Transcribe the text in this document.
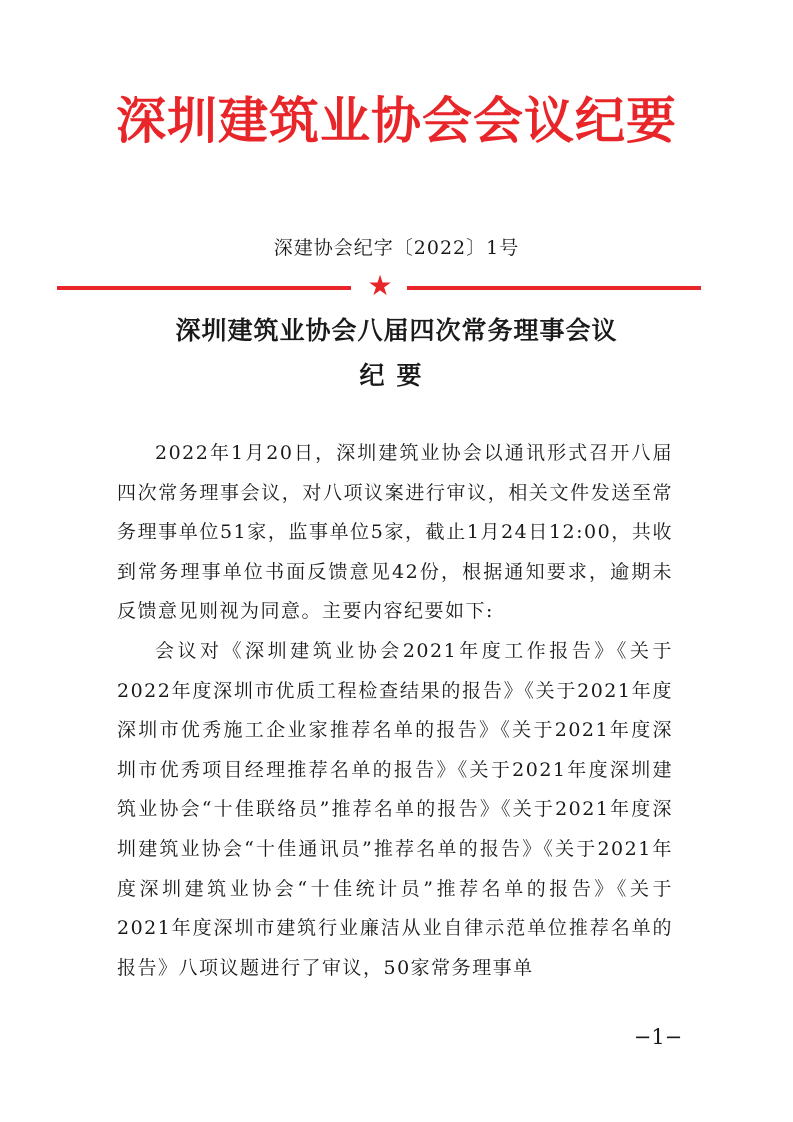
深圳建筑业协会会议纪要
深建协会纪字〔2022〕1号
★
深圳建筑业协会八届四次常务理事会议
纪要

2022年1月20日，深圳建筑业协会以通讯形式召开八届四次常务理事会议，对八项议案进行审议，相关文件发送至常务理事单位51家，监事单位5家，截止1月24日12:00，共收到常务理事单位书面反馈意见42份，根据通知要求，逾期未反馈意见则视为同意。主要内容纪要如下:

会议对《深圳建筑业协会2021年度工作报告》《关于2022年度深圳市优质工程检查结果的报告》《关于2021年度深圳市优秀施工企业家推荐名单的报告》《关于2021年度深圳市优秀项目经理推荐名单的报告》《关于2021年度深圳建筑业协会“十佳联络员”推荐名单的报告》《关于2021年度深圳建筑业协会“十佳通讯员”推荐名单的报告》《关于2021年度深圳建筑业协会“十佳统计员”推荐名单的报告》《关于2021年度深圳市建筑行业廉洁从业自律示范单位推荐名单的报告》八项议题进行了审议，50家常务理事单

−1−
